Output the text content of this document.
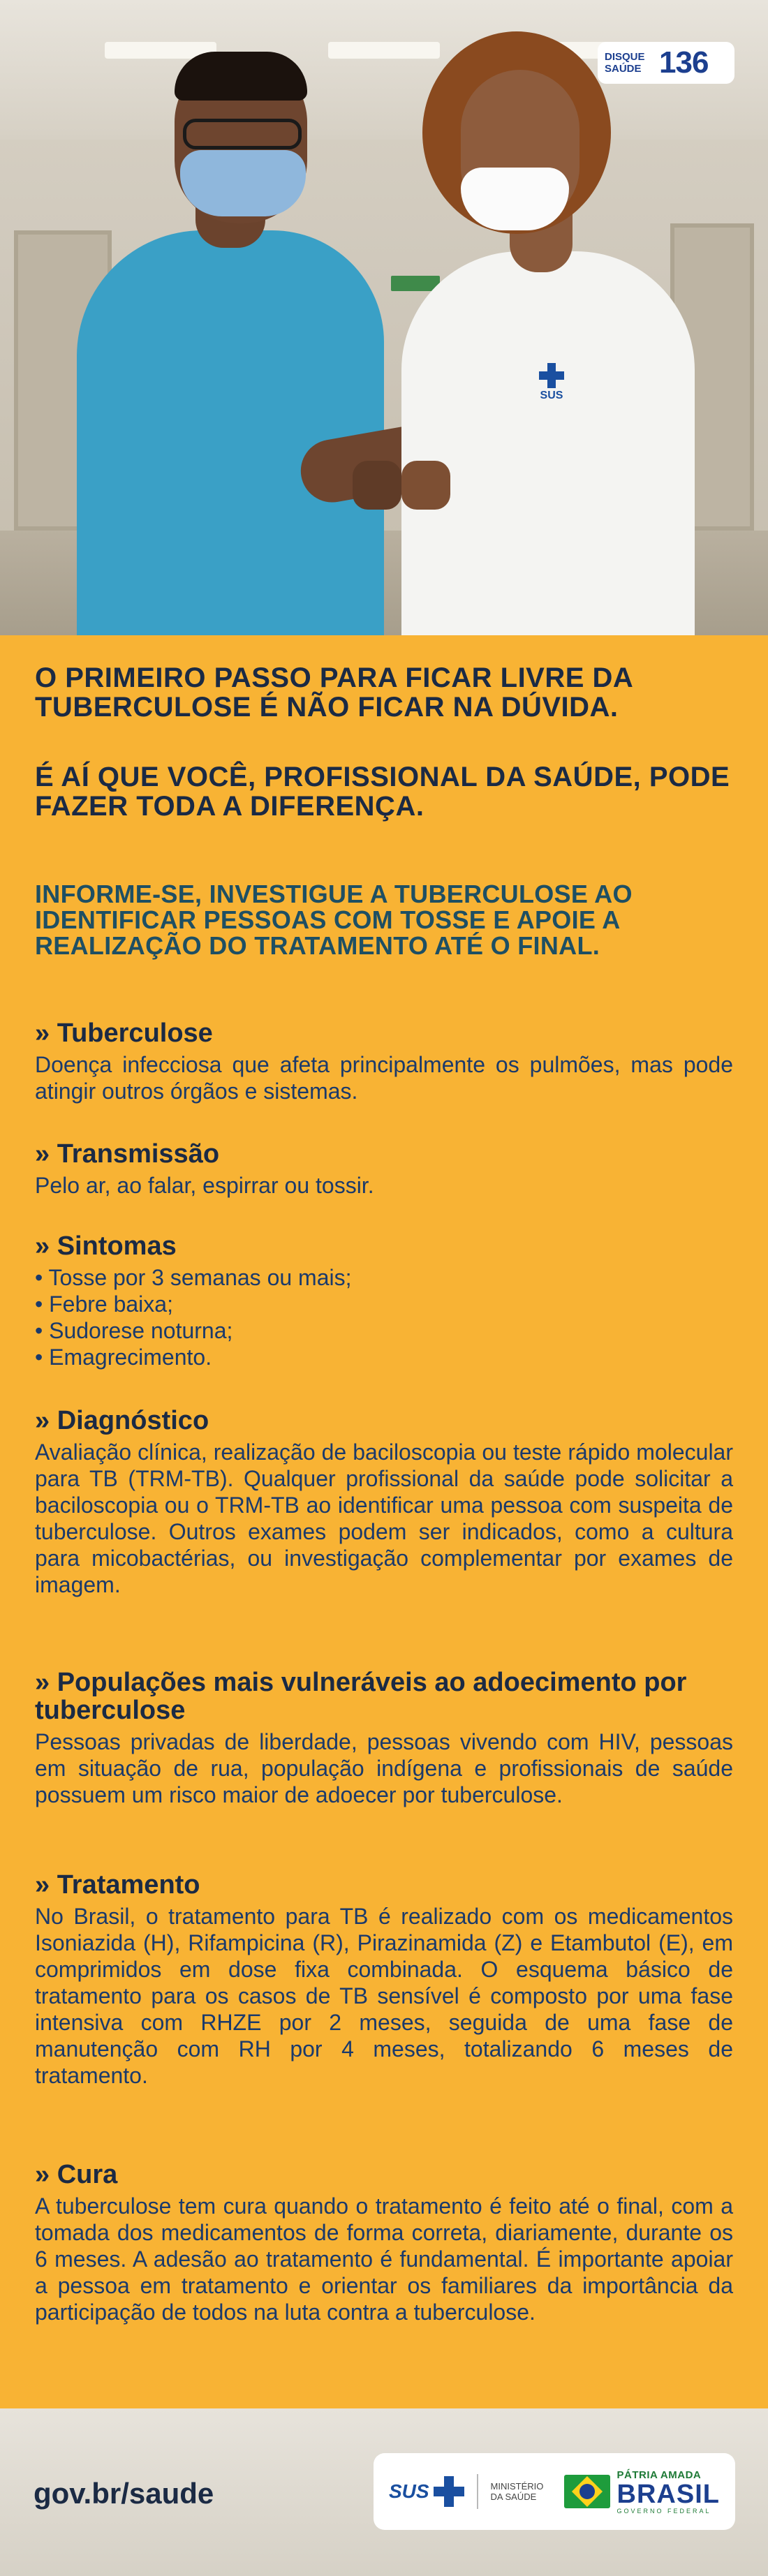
SUS
DISQUE SAÚDE 136
O PRIMEIRO PASSO PARA FICAR LIVRE DA TUBERCULOSE É NÃO FICAR NA DÚVIDA.
É AÍ QUE VOCÊ, PROFISSIONAL DA SAÚDE, PODE FAZER TODA A DIFERENÇA.
INFORME-SE, INVESTIGUE A TUBERCULOSE AO IDENTIFICAR PESSOAS COM TOSSE E APOIE A REALIZAÇÃO DO TRATAMENTO ATÉ O FINAL.
» Tuberculose
Doença infecciosa que afeta principalmente os pulmões, mas pode atingir outros órgãos e sistemas.
» Transmissão
Pelo ar, ao falar, espirrar ou tossir.
» Sintomas
• Tosse por 3 semanas ou mais;
• Febre baixa;
• Sudorese noturna;
• Emagrecimento.
» Diagnóstico
Avaliação clínica, realização de baciloscopia ou teste rápido molecular para TB (TRM-TB). Qualquer profissional da saúde pode solicitar a baciloscopia ou o TRM-TB ao identificar uma pessoa com suspeita de tuberculose. Outros exames podem ser indicados, como a cultura para micobactérias, ou investigação complementar por exames de imagem.
» Populações mais vulneráveis ao adoecimento por tuberculose
Pessoas privadas de liberdade, pessoas vivendo com HIV, pessoas em situação de rua, população indígena e profissionais de saúde possuem um risco maior de adoecer por tuberculose.
» Tratamento
No Brasil, o tratamento para TB é realizado com os medicamentos Isoniazida (H), Rifampicina (R), Pirazinamida (Z) e Etambutol (E), em comprimidos em dose fixa combinada. O esquema básico de tratamento para os casos de TB sensível é composto por uma fase intensiva com RHZE por 2 meses, seguida de uma fase de manutenção com RH por 4 meses, totalizando 6 meses de tratamento.
» Cura
A tuberculose tem cura quando o tratamento é feito até o final, com a tomada dos medicamentos de forma correta, diariamente, durante os 6 meses. A adesão ao tratamento é fundamental. É importante apoiar a pessoa em tratamento e orientar os familiares da importância da participação de todos na luta contra a tuberculose.
gov.br/saude	SUS	MINISTÉRIO DA SAÚDE
PÁTRIA AMADA
BRASIL
GOVERNO FEDERAL
